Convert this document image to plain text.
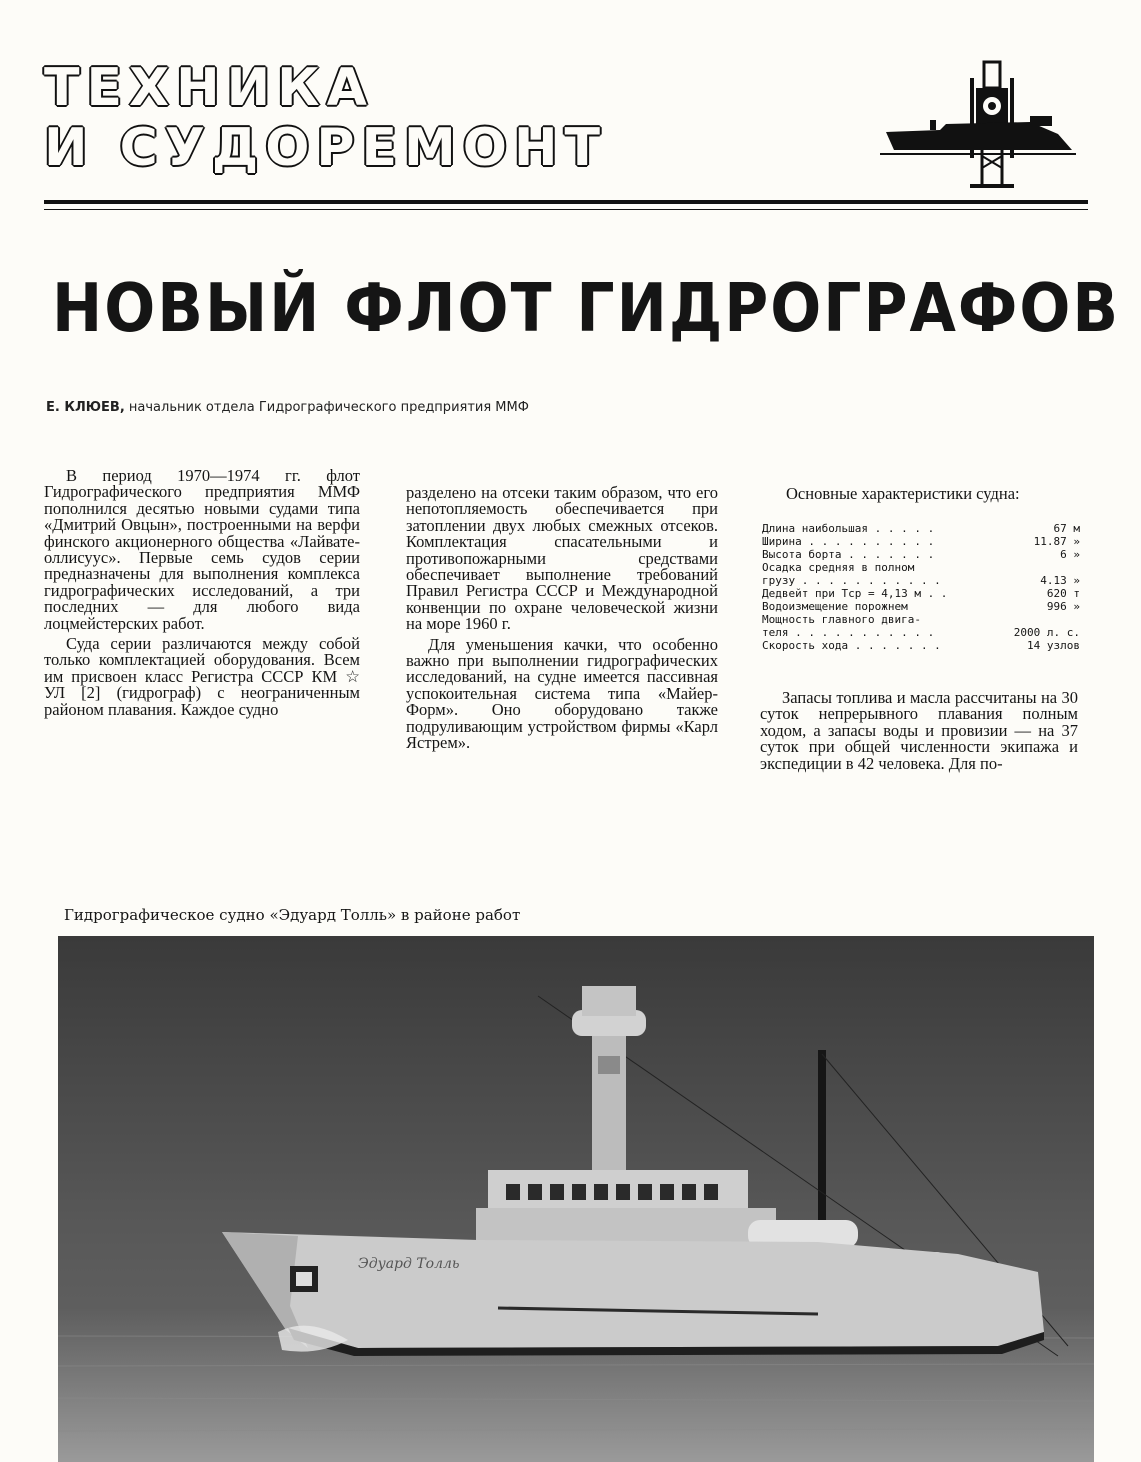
ТЕХНИКА
И СУДОРЕМОНТ
НОВЫЙ ФЛОТ ГИДРОГРАФОВ
Е. КЛЮЕВ, начальник отдела Гидрографического предприятия ММФ

В период 1970—1974 гг. флот Гидрографического предприятия ММФ пополнился десятью новыми судами типа «Дмитрий Овцын», построенными на верфи финского акционерного общества «Лайвате-оллисуус». Первые семь судов серии предназначены для выполнения комплекса гидрографических исследований, а три последних — для любого вида лоцмейстерских работ.

Суда серии различаются между собой только комплектацией оборудования. Всем им присвоен класс Регистра СССР КМ ☆ УЛ [2] (гидрограф) с неограниченным районом плавания. Каждое судно

разделено на отсеки таким образом, что его непотопляемость обеспечивается при затоплении двух любых смежных отсеков. Комплектация спасательными и противопожарными средствами обеспечивает выполнение требований Правил Регистра СССР и Международной конвенции по охране человеческой жизни на море 1960 г.

Для уменьшения качки, что особенно важно при выполнении гидрографических исследований, на судне имеется пассивная успокоительная система типа «Майер-Форм». Оно оборудовано также подруливающим устройством фирмы «Карл Ястрем».

Основные характеристики судна:
Длина наибольшая . . . . .	67 м
Ширина . . . . . . . . . .	11.87 »
Высота борта . . . . . . .	6 »
Осадка средняя в полном	
грузу . . . . . . . . . . .	4.13 »
Дедвейт при Тср = 4,13 м . .	620 т
Водоизмещение порожнем	996 »
Мощность главного двига-	
теля . . . . . . . . . . .	2000 л. с.
Скорость хода . . . . . . .	14 узлов

Запасы топлива и масла рассчитаны на 30 суток непрерывного плавания полным ходом, а запасы воды и провизии — на 37 суток при общей численности экипажа и экспедиции в 42 человека. Для по-

Гидрографическое судно «Эдуард Толль» в районе работ
Эдуард Толль
